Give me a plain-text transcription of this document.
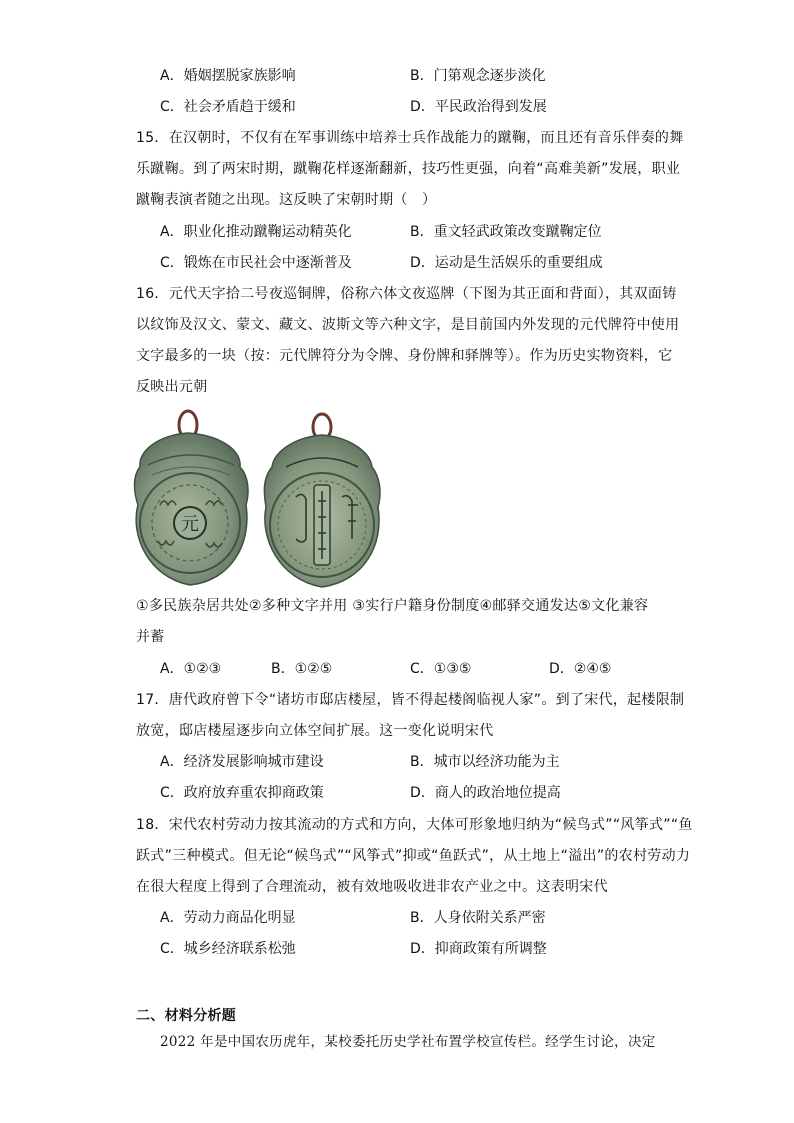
A．婚姻摆脱家族影响	B．门第观念逐步淡化
C．社会矛盾趋于缓和	D．平民政治得到发展
15．在汉朝时，不仅有在军事训练中培养士兵作战能力的蹴鞠，而且还有音乐伴奏的舞
乐蹴鞠。到了两宋时期，蹴鞠花样逐渐翻新，技巧性更强，向着“高难美新”发展，职业
蹴鞠表演者随之出现。这反映了宋朝时期（　）
A．职业化推动蹴鞠运动精英化	B．重文轻武政策改变蹴鞠定位
C．锻炼在市民社会中逐渐普及	D．运动是生活娱乐的重要组成
16．元代天字拾二号夜巡铜牌，俗称六体文夜巡牌（下图为其正面和背面），其双面铸
以纹饰及汉文、蒙文、藏文、波斯文等六种文字，是目前国内外发现的元代牌符中使用
文字最多的一块（按：元代牌符分为令牌、身份牌和驿牌等）。作为历史实物资料，它
反映出元朝
元
①多民族杂居共处②多种文字并用 ③实行户籍身份制度④邮驿交通发达⑤文化兼容
并蓄
A．①②③	B．①②⑤	C．①③⑤	D．②④⑤
17．唐代政府曾下令“诸坊市邸店楼屋，皆不得起楼阁临视人家”。到了宋代，起楼限制
放宽，邸店楼屋逐步向立体空间扩展。这一变化说明宋代
A．经济发展影响城市建设	B．城市以经济功能为主
C．政府放弃重农抑商政策	D．商人的政治地位提高
18．宋代农村劳动力按其流动的方式和方向，大体可形象地归纳为“候鸟式”“风筝式”“鱼
跃式”三种模式。但无论“候鸟式”“风筝式”抑或“鱼跃式”，从土地上“溢出”的农村劳动力
在很大程度上得到了合理流动，被有效地吸收进非农产业之中。这表明宋代
A．劳动力商品化明显	B．人身依附关系严密
C．城乡经济联系松弛	D．抑商政策有所调整
二、材料分析题
2022 年是中国农历虎年，某校委托历史学社布置学校宣传栏。经学生讨论，决定
